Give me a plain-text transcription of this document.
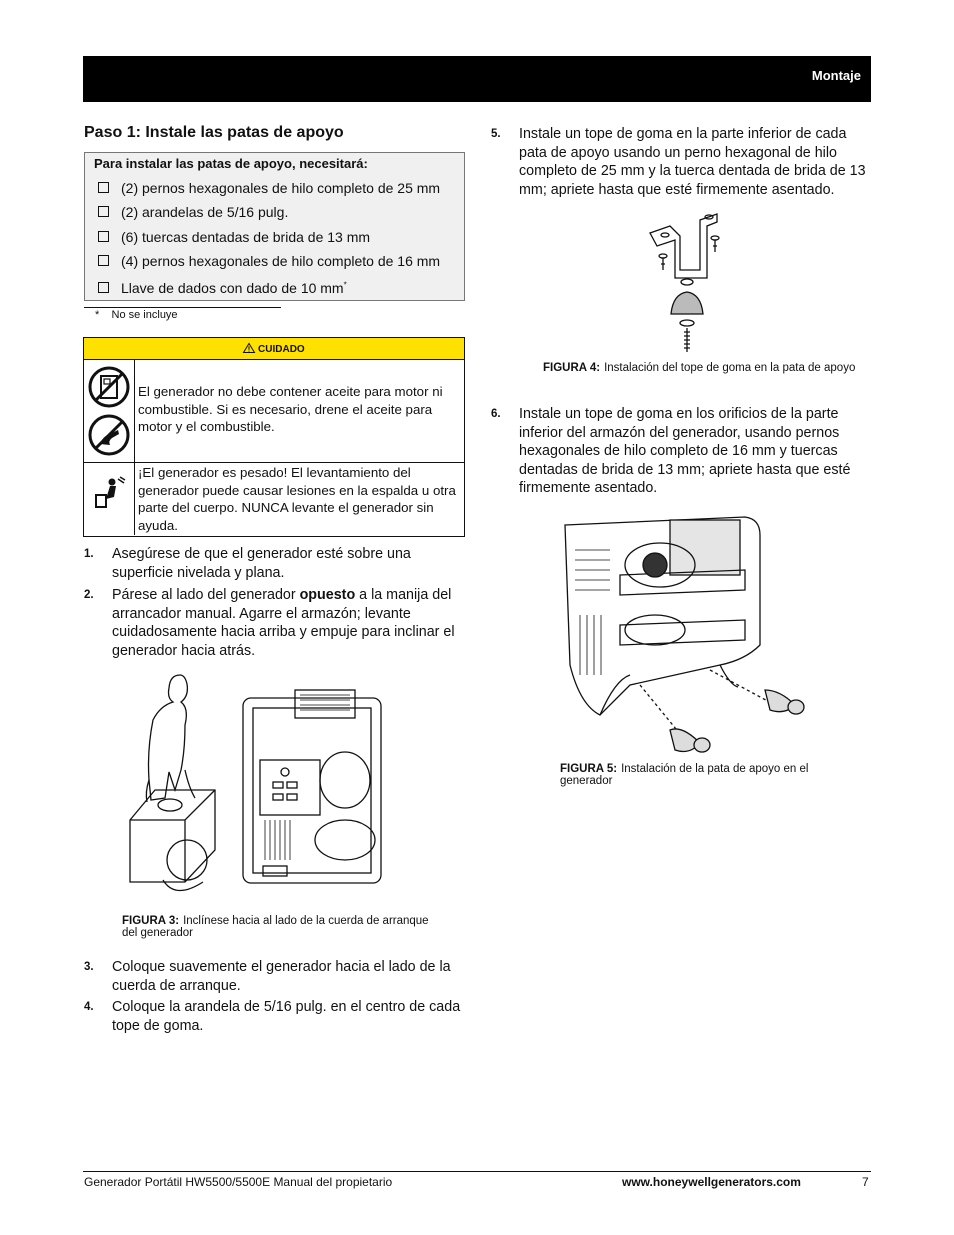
Montaje
Paso 1: Instale las patas de apoyo
Para instalar las patas de apoyo, necesitará:
(2) pernos hexagonales de hilo completo de 25 mm
(2) arandelas de 5/16 pulg.
(6) tuercas dentadas de brida de 13 mm
(4) pernos hexagonales de hilo completo de 16 mm
Llave de dados con dado de 10 mm*
* No se incluye
CUIDADO
El generador no debe contener aceite para motor ni combustible. Si es necesario, drene el aceite para motor y el combustible.
¡El generador es pesado! El levantamiento del generador puede causar lesiones en la espalda u otra parte del cuerpo. NUNCA levante el generador sin ayuda.
1. Asegúrese de que el generador esté sobre una superficie nivelada y plana.
2. Párese al lado del generador opuesto a la manija del arrancador manual. Agarre el armazón; levante cuidadosamente hacia arriba y empuje para inclinar el generador hacia atrás.
FIGURA 3: Inclínese hacia al lado de la cuerda de arranque del generador
3. Coloque suavemente el generador hacia el lado de la cuerda de arranque.
4. Coloque la arandela de 5/16 pulg. en el centro de cada tope de goma.
5. Instale un tope de goma en la parte inferior de cada pata de apoyo usando un perno hexagonal de hilo completo de 25 mm y la tuerca dentada de brida de 13 mm; apriete hasta que esté firmemente asentado.
FIGURA 4: Instalación del tope de goma en la pata de apoyo
6. Instale un tope de goma en los orificios de la parte inferior del armazón del generador, usando pernos hexagonales de hilo completo de 16 mm y tuercas dentadas de brida de 13 mm; apriete hasta que esté firmemente asentado.
FIGURA 5: Instalación de la pata de apoyo en el generador
Generador Portátil HW5500/5500E Manual del propietario	www.honeywellgenerators.com	7
